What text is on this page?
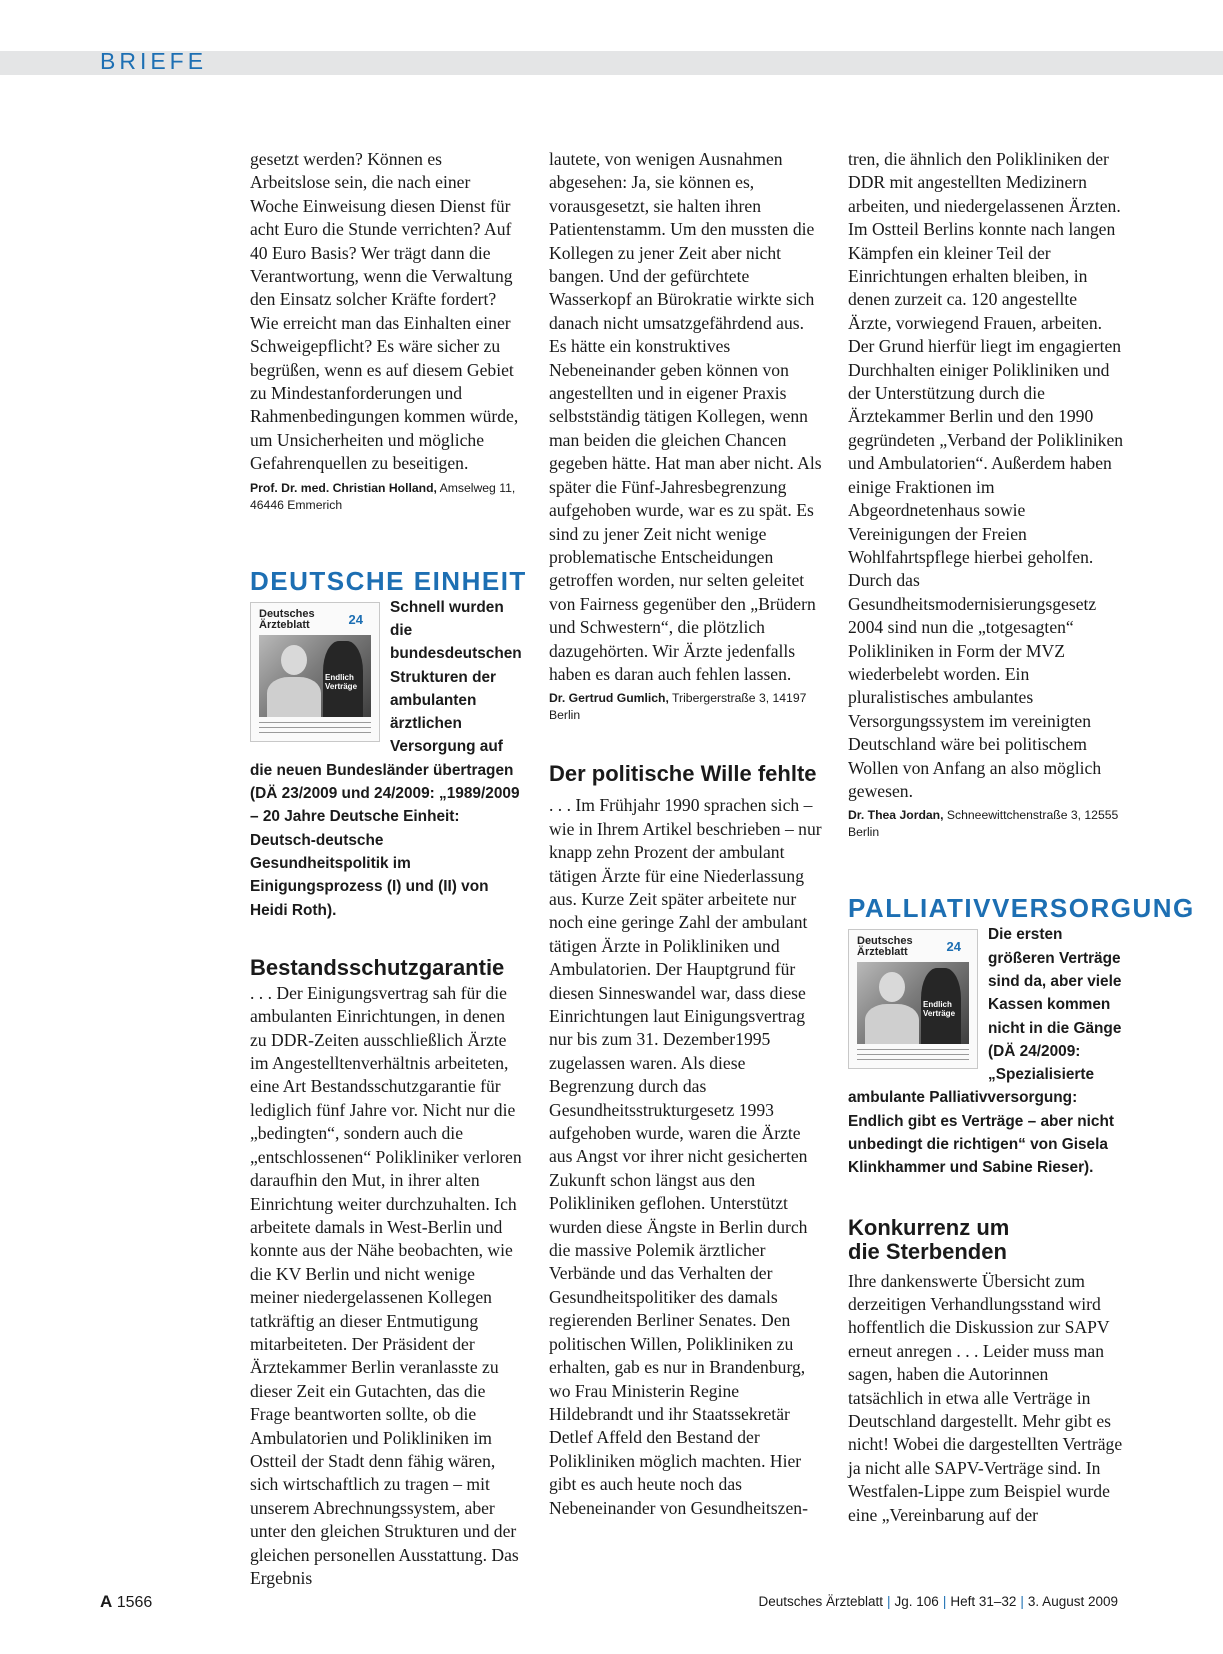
BRIEFE

gesetzt werden? Können es Arbeitslose sein, die nach einer Woche Einweisung diesen Dienst für acht Euro die Stunde verrichten? Auf 40 Euro Basis? Wer trägt dann die Verantwortung, wenn die Verwaltung den Einsatz solcher Kräfte fordert? Wie erreicht man das Einhalten einer Schweigepflicht? Es wäre sicher zu begrüßen, wenn es auf diesem Gebiet zu Mindestanforderungen und Rahmenbedingungen kommen würde, um Unsicherheiten und mögliche Gefahrenquellen zu beseitigen.

Prof. Dr. med. Christian Holland, Amselweg 11, 46446 Emmerich

DEUTSCHE EINHEIT
Deutsches
Ärzteblatt	24
Endlich
Verträge

Schnell wurden die bundesdeutschen Strukturen der ambulanten ärztlichen Versorgung auf die neuen Bundesländer übertragen (DÄ 23/2009 und 24/2009: „1989/2009 – 20 Jahre Deutsche Einheit: Deutsch-deutsche Gesundheitspolitik im Einigungsprozess (I) und (II) von Heidi Roth).

Bestandsschutzgarantie

. . . Der Einigungsvertrag sah für die ambulanten Einrichtungen, in denen zu DDR-Zeiten ausschließlich Ärzte im Angestelltenverhältnis arbeiteten, eine Art Bestandsschutzgarantie für lediglich fünf Jahre vor. Nicht nur die „bedingten“, sondern auch die „entschlossenen“ Polikliniker verloren daraufhin den Mut, in ihrer alten Einrichtung weiter durchzuhalten. Ich arbeitete damals in West-Berlin und konnte aus der Nähe beobachten, wie die KV Berlin und nicht wenige meiner niedergelassenen Kollegen tatkräftig an dieser Entmutigung mitarbeiteten. Der Präsident der Ärztekammer Berlin veranlasste zu dieser Zeit ein Gutachten, das die Frage beantworten sollte, ob die Ambulatorien und Polikliniken im Ostteil der Stadt denn fähig wären, sich wirtschaftlich zu tragen – mit unserem Abrechnungssystem, aber unter den gleichen Strukturen und der gleichen personellen Ausstattung. Das Ergebnis

lautete, von wenigen Ausnahmen abgesehen: Ja, sie können es, vorausgesetzt, sie halten ihren Patientenstamm. Um den mussten die Kollegen zu jener Zeit aber nicht bangen. Und der gefürchtete Wasserkopf an Bürokratie wirkte sich danach nicht umsatzgefährdend aus. Es hätte ein konstruktives Nebeneinander geben können von angestellten und in eigener Praxis selbstständig tätigen Kollegen, wenn man beiden die gleichen Chancen gegeben hätte. Hat man aber nicht. Als später die Fünf-Jahresbegrenzung aufgehoben wurde, war es zu spät. Es sind zu jener Zeit nicht wenige problematische Entscheidungen getroffen worden, nur selten geleitet von Fairness gegenüber den „Brüdern und Schwestern“, die plötzlich dazugehörten. Wir Ärzte jedenfalls haben es daran auch fehlen lassen.

Dr. Gertrud Gumlich, Tribergerstraße 3, 14197 Berlin

Der politische Wille fehlte

. . . Im Frühjahr 1990 sprachen sich – wie in Ihrem Artikel beschrieben – nur knapp zehn Prozent der ambulant tätigen Ärzte für eine Niederlassung aus. Kurze Zeit später arbeitete nur noch eine geringe Zahl der ambulant tätigen Ärzte in Polikliniken und Ambulatorien. Der Hauptgrund für diesen Sinneswandel war, dass diese Einrichtungen laut Einigungsvertrag nur bis zum 31. Dezember1995 zugelassen waren. Als diese Begrenzung durch das Gesundheitsstrukturgesetz 1993 aufgehoben wurde, waren die Ärzte aus Angst vor ihrer nicht gesicherten Zukunft schon längst aus den Polikliniken geflohen. Unterstützt wurden diese Ängste in Berlin durch die massive Polemik ärztlicher Verbände und das Verhalten der Gesundheitspolitiker des damals regierenden Berliner Senates. Den politischen Willen, Polikliniken zu erhalten, gab es nur in Brandenburg, wo Frau Ministerin Regine Hildebrandt und ihr Staatssekretär Detlef Affeld den Bestand der Polikliniken möglich machten. Hier gibt es auch heute noch das Nebeneinander von Gesundheitszen-

tren, die ähnlich den Polikliniken der DDR mit angestellten Medizinern arbeiten, und niedergelassenen Ärzten. Im Ostteil Berlins konnte nach langen Kämpfen ein kleiner Teil der Einrichtungen erhalten bleiben, in denen zurzeit ca. 120 angestellte Ärzte, vorwiegend Frauen, arbeiten. Der Grund hierfür liegt im engagierten Durchhalten einiger Polikliniken und der Unterstützung durch die Ärztekammer Berlin und den 1990 gegründeten „Verband der Polikliniken und Ambulatorien“. Außerdem haben einige Fraktionen im Abgeordnetenhaus sowie Vereinigungen der Freien Wohlfahrtspflege hierbei geholfen. Durch das Gesundheitsmodernisierungsgesetz 2004 sind nun die „totgesagten“ Polikliniken in Form der MVZ wiederbelebt worden. Ein pluralistisches ambulantes Versorgungssystem im vereinigten Deutschland wäre bei politischem Wollen von Anfang an also möglich gewesen.

Dr. Thea Jordan, Schneewittchenstraße 3, 12555 Berlin

PALLIATIVVERSORGUNG
Deutsches
Ärzteblatt	24
Endlich
Verträge

Die ersten größeren Verträge sind da, aber viele Kassen kommen nicht in die Gänge (DÄ 24/2009: „Spezialisierte ambulante Palliativversorgung: Endlich gibt es Verträge – aber nicht unbedingt die richtigen“ von Gisela Klinkhammer und Sabine Rieser).

Konkurrenz um
die Sterbenden

Ihre dankenswerte Übersicht zum derzeitigen Verhandlungsstand wird hoffentlich die Diskussion zur SAPV erneut anregen . . . Leider muss man sagen, haben die Autorinnen tatsächlich in etwa alle Verträge in Deutschland dargestellt. Mehr gibt es nicht! Wobei die dargestellten Verträge ja nicht alle SAPV-Verträge sind. In Westfalen-Lippe zum Beispiel wurde eine „Vereinbarung auf der

A 1566	Deutsches Ärzteblatt | Jg. 106 | Heft 31–32 | 3. August 2009
